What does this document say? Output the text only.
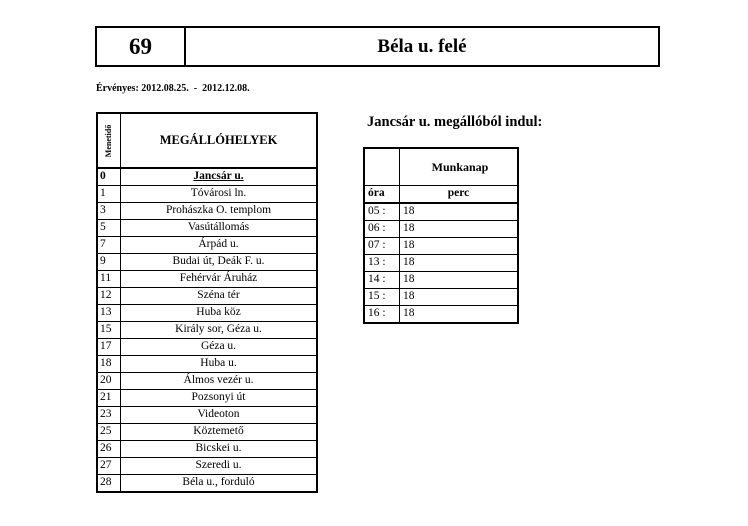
69	Béla u. felé
Érvényes: 2012.08.25.  -  2012.12.08.
Menetidő	MEGÁLLÓHELYEK
0	Jancsár u.
1	Tóvárosi ln.
3	Prohászka O. templom
5	Vasútállomás
7	Árpád u.
9	Budai út, Deák F. u.
11	Fehérvár Áruház
12	Széna tér
13	Huba köz
15	Király sor, Géza u.
17	Géza u.
18	Huba u.
20	Álmos vezér u.
21	Pozsonyi út
23	Videoton
25	Köztemető
26	Bicskei u.
27	Szeredi u.
28	Béla u., forduló
Jancsár u. megállóból indul:
	Munkanap
óra	perc
05 :	18
06 :	18
07 :	18
13 :	18
14 :	18
15 :	18
16 :	18
